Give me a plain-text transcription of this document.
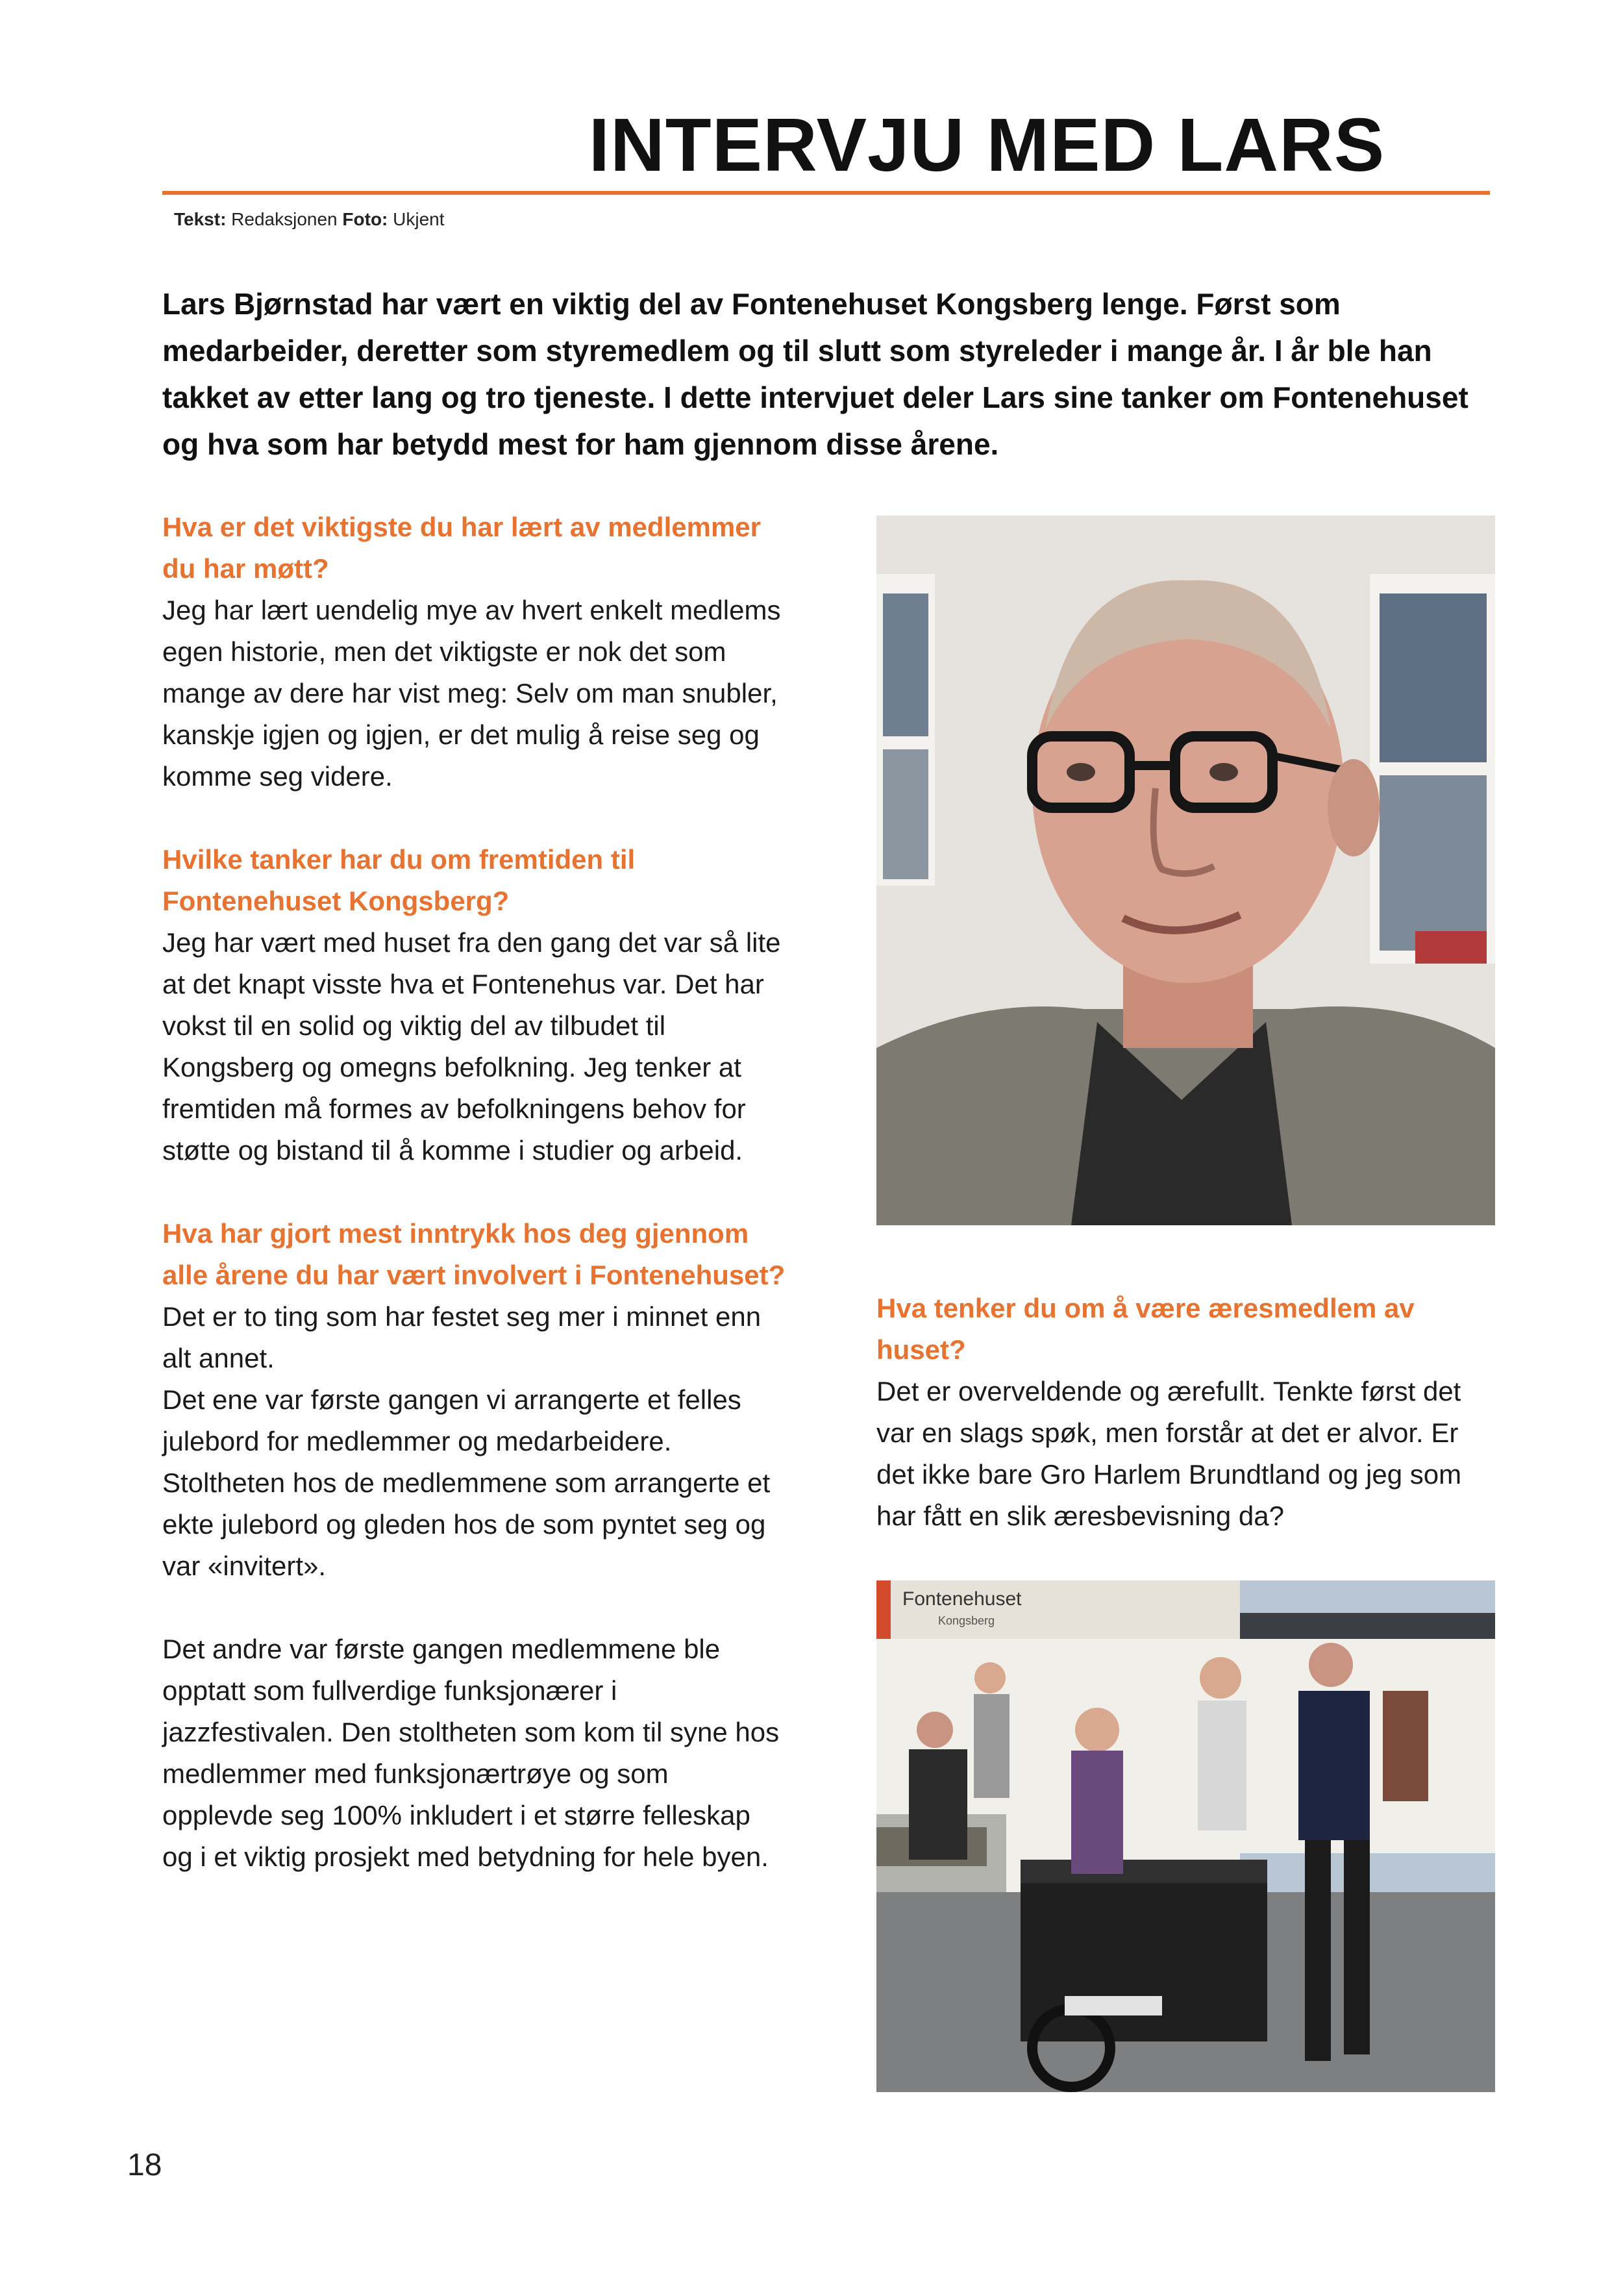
INTERVJU MED LARS
Tekst: Redaksjonen Foto: Ukjent

Lars Bjørnstad har vært en viktig del av Fontenehuset Kongsberg lenge. Først som medarbeider, deretter som styremedlem og til slutt som styreleder i mange år. I år ble han takket av etter lang og tro tjeneste. I dette intervjuet deler Lars sine tanker om Fontenehuset og hva som har betydd mest for ham gjennom disse årene.

Hva er det viktigste du har lært av medlemmer du har møtt?

Jeg har lært uendelig mye av hvert enkelt medlems egen historie, men det viktigste er nok det som mange av dere har vist meg: Selv om man snubler, kanskje igjen og igjen, er det mulig å reise seg og komme seg videre.

Hvilke tanker har du om fremtiden til Fontenehuset Kongsberg?

Jeg har vært med huset fra den gang det var så lite at det knapt visste hva et Fontenehus var. Det har vokst til en solid og viktig del av tilbudet til Kongsberg og omegns befolkning. Jeg tenker at fremtiden må formes av befolkningens behov for støtte og bistand til å komme i studier og arbeid.

Hva har gjort mest inntrykk hos deg gjennom alle årene du har vært involvert i Fontenehuset?

Det er to ting som har festet seg mer i minnet enn alt annet.
Det ene var første gangen vi arrangerte et felles julebord for medlemmer og medarbeidere. Stoltheten hos de medlemmene som arrangerte et ekte julebord og gleden hos de som pyntet seg og var «invitert».

Det andre var første gangen medlemmene ble opptatt som fullverdige funksjonærer i jazzfestivalen. Den stoltheten som kom til syne hos medlemmer med funksjonærtrøye og som opplevde seg 100% inkludert i et større felleskap og i et viktig prosjekt med betydning for hele byen.

Hva tenker du om å være æresmedlem av huset?

Det er overveldende og ærefullt. Tenkte først det var en slags spøk, men forstår at det er alvor. Er det ikke bare Gro Harlem Brundtland og jeg som har fått en slik æresbevisning da?

Fontenehuset
Kongsberg
18
